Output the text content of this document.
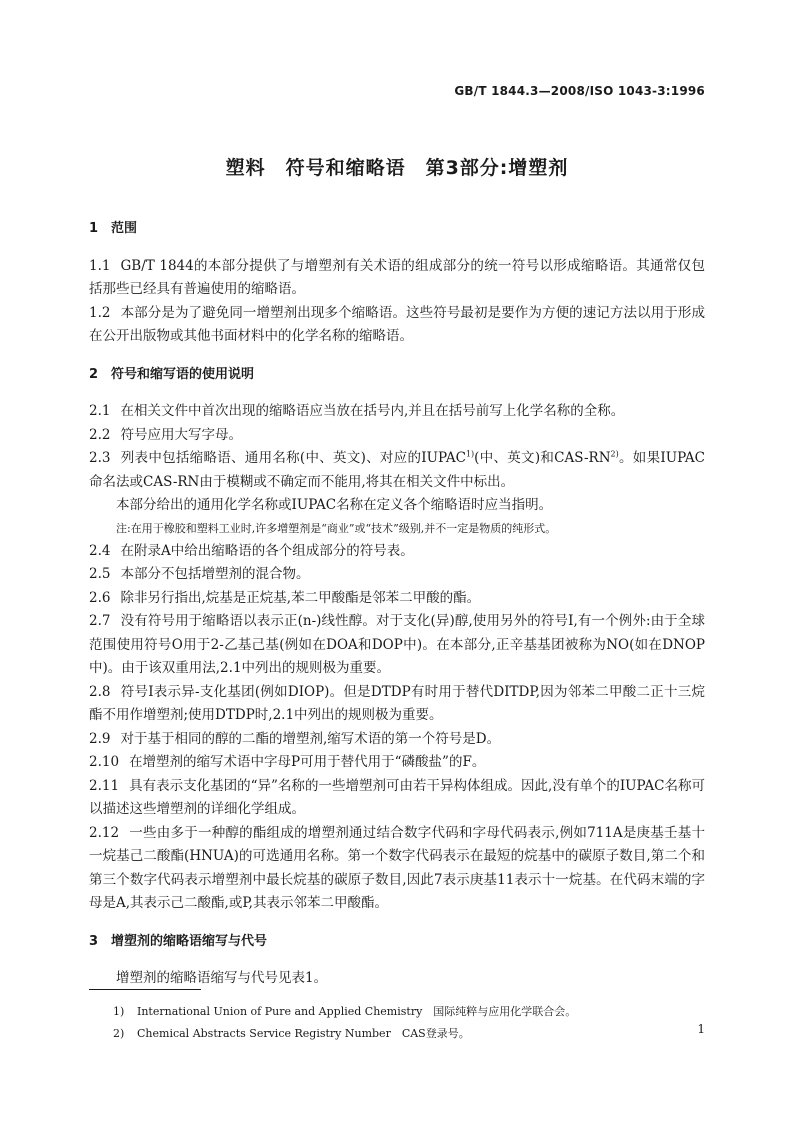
GB/T 1844.3—2008/ISO 1043-3:1996
塑料　符号和缩略语　第3部分:增塑剂

1 范围

1.1 GB/T 1844的本部分提供了与增塑剂有关术语的组成部分的统一符号以形成缩略语。其通常仅包括那些已经具有普遍使用的缩略语。

1.2 本部分是为了避免同一增塑剂出现多个缩略语。这些符号最初是要作为方便的速记方法以用于形成在公开出版物或其他书面材料中的化学名称的缩略语。

2 符号和缩写语的使用说明

2.1 在相关文件中首次出现的缩略语应当放在括号内,并且在括号前写上化学名称的全称。

2.2 符号应用大写字母。

2.3 列表中包括缩略语、通用名称(中、英文)、对应的IUPAC$^{1)}$(中、英文)和CAS-RN$^{2)}$。如果IUPAC命名法或CAS-RN由于模糊或不确定而不能用,将其在相关文件中标出。

本部分给出的通用化学名称或IUPAC名称在定义各个缩略语时应当指明。

注:在用于橡胶和塑料工业时,许多增塑剂是“商业”或“技术”级别,并不一定是物质的纯形式。

2.4 在附录A中给出缩略语的各个组成部分的符号表。

2.5 本部分不包括增塑剂的混合物。

2.6 除非另行指出,烷基是正烷基,苯二甲酸酯是邻苯二甲酸的酯。

2.7 没有符号用于缩略语以表示正(n-)线性醇。对于支化(异)醇,使用另外的符号I,有一个例外:由于全球范围使用符号O用于2-乙基己基(例如在DOA和DOP中)。在本部分,正辛基基团被称为NO(如在DNOP中)。由于该双重用法,2.1中列出的规则极为重要。

2.8 符号I表示异-支化基团(例如DIOP)。但是DTDP有时用于替代DITDP,因为邻苯二甲酸二正十三烷酯不用作增塑剂;使用DTDP时,2.1中列出的规则极为重要。

2.9 对于基于相同的醇的二酯的增塑剂,缩写术语的第一个符号是D。

2.10 在增塑剂的缩写术语中字母P可用于替代用于“磷酸盐”的F。

2.11 具有表示支化基团的“异”名称的一些增塑剂可由若干异构体组成。因此,没有单个的IUPAC名称可以描述这些增塑剂的详细化学组成。

2.12 一些由多于一种醇的酯组成的增塑剂通过结合数字代码和字母代码表示,例如711A是庚基壬基十一烷基己二酸酯(HNUA)的可选通用名称。第一个数字代码表示在最短的烷基中的碳原子数目,第二个和第三个数字代码表示增塑剂中最长烷基的碳原子数目,因此7表示庚基11表示十一烷基。在代码末端的字母是A,其表示己二酸酯,或P,其表示邻苯二甲酸酯。

3 增塑剂的缩略语缩写与代号

增塑剂的缩略语缩写与代号见表1。

1) International Union of Pure and Applied Chemistry　国际纯粹与应用化学联合会。

2) Chemical Abstracts Service Registry Number　CAS登录号。	1
